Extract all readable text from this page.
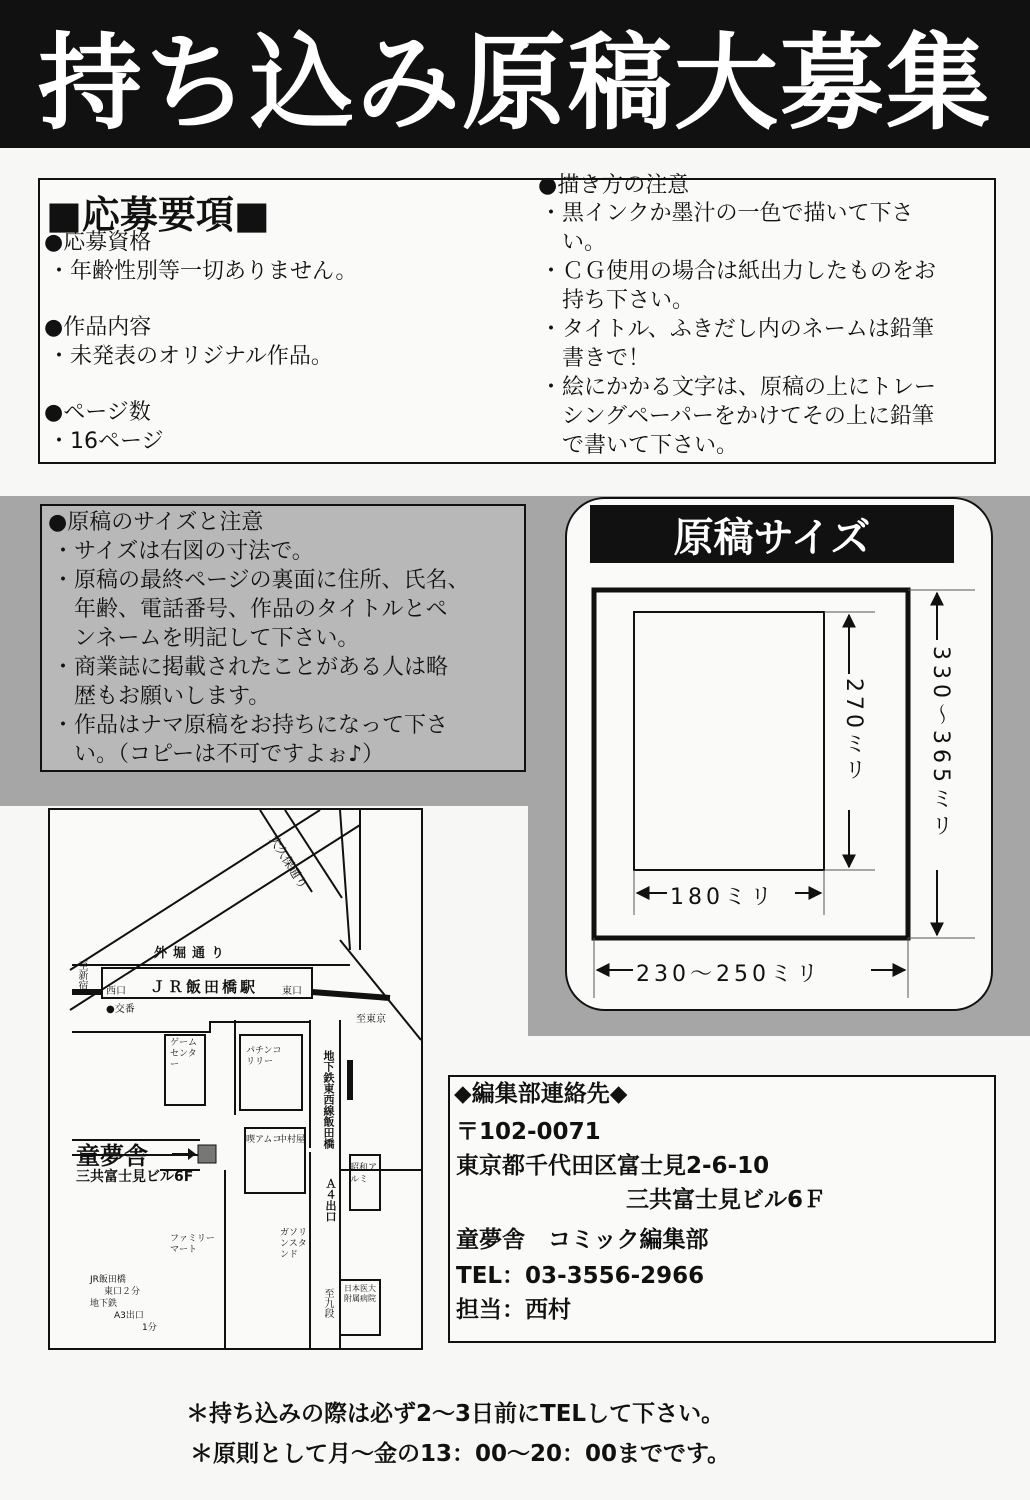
持ち込み原稿大募集
■応募要項■
●応募資格
・年齢性別等一切ありません。
●作品内容
・未発表のオリジナル作品。
●ページ数
・16ページ
●描き方の注意
・黒インクか墨汁の一色で描いて下さ
　い。
・ＣＧ使用の場合は紙出力したものをお
　持ち下さい。
・タイトル、ふきだし内のネームは鉛筆
　書きで！
・絵にかかる文字は、原稿の上にトレー
　シングペーパーをかけてその上に鉛筆
　で書いて下さい。
●原稿のサイズと注意
・サイズは右図の寸法で。
・原稿の最終ページの裏面に住所、氏名、
　年齢、電話番号、作品のタイトルとペ
　ンネームを明記して下さい。
・商業誌に掲載されたことがある人は略
　歴もお願いします。
・作品はナマ原稿をお持ちになって下さ
　い。（コピーは不可ですよぉ♪）
原稿サイズ
270ミリ	330〜365ミリ
180ミリ
230〜250ミリ
大久保通り
外堀通り
至新宿	ＪＲ飯田橋駅
西口	東口
●交番
至東京
ゲームセンター
パチンコリリー	地下鉄東西線飯田橋
Ａ４出口
童夢舎
三共富士見ビル6F
喫アムコ
中村屋
昭和アルミ
ガソリンスタンド
ファミリーマート
日本医大附属病院
至九段
JR飯田橋
東口２分
地下鉄
A3出口
1分
◆編集部連絡先◆
〒102-0071
東京都千代田区富士見2-6-10
三共富士見ビル6Ｆ
童夢舎　コミック編集部
TEL：03-3556-2966
担当：西村
＊持ち込みの際は必ず2〜3日前にTELして下さい。
＊原則として月〜金の13：00〜20：00までです。
